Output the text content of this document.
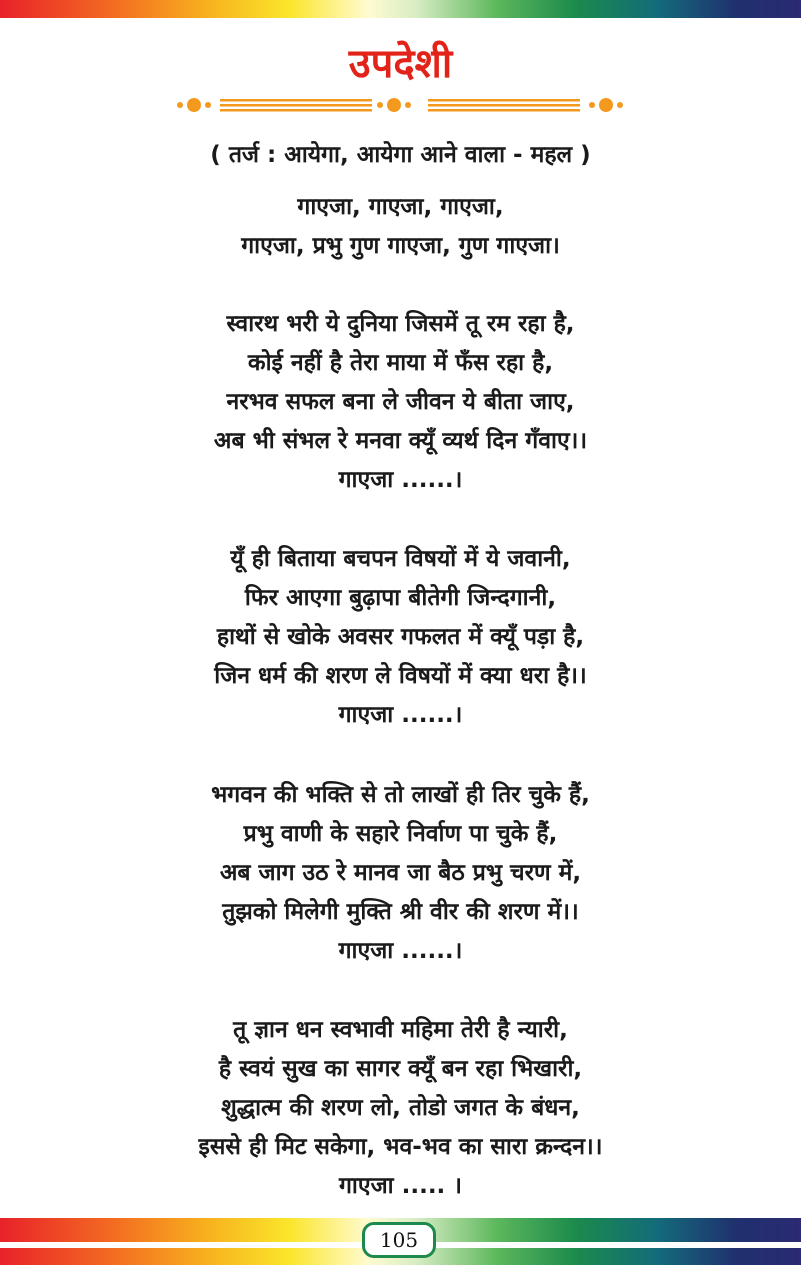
उपदेशी
( तर्ज : आयेगा, आयेगा आने वाला - महल )
गाएजा, गाएजा, गाएजा,
गाएजा, प्रभु गुण गाएजा, गुण गाएजा।
स्वारथ भरी ये दुनिया जिसमें तू रम रहा है,
कोई नहीं है तेरा माया में फँस रहा है,
नरभव सफल बना ले जीवन ये बीता जाए,
अब भी संभल रे मनवा क्यूँ व्यर्थ दिन गँवाए।।
गाएजा ......।
यूँ ही बिताया बचपन विषयों में ये जवानी,
फिर आएगा बुढ़ापा बीतेगी जिन्दगानी,
हाथों से खोके अवसर गफलत में क्यूँ पड़ा है,
जिन धर्म की शरण ले विषयों में क्या धरा है।।
गाएजा ......।
भगवन की भक्ति से तो लाखों ही तिर चुके हैं,
प्रभु वाणी के सहारे निर्वाण पा चुके हैं,
अब जाग उठ रे मानव जा बैठ प्रभु चरण में,
तुझको मिलेगी मुक्ति श्री वीर की शरण में।।
गाएजा ......।
तू ज्ञान धन स्वभावी महिमा तेरी है न्यारी,
है स्वयं सुख का सागर क्यूँ बन रहा भिखारी,
शुद्धात्म की शरण लो, तोडो जगत के बंधन,
इससे ही मिट सकेगा, भव-भव का सारा क्रन्दन।।
गाएजा ..... ।
105
